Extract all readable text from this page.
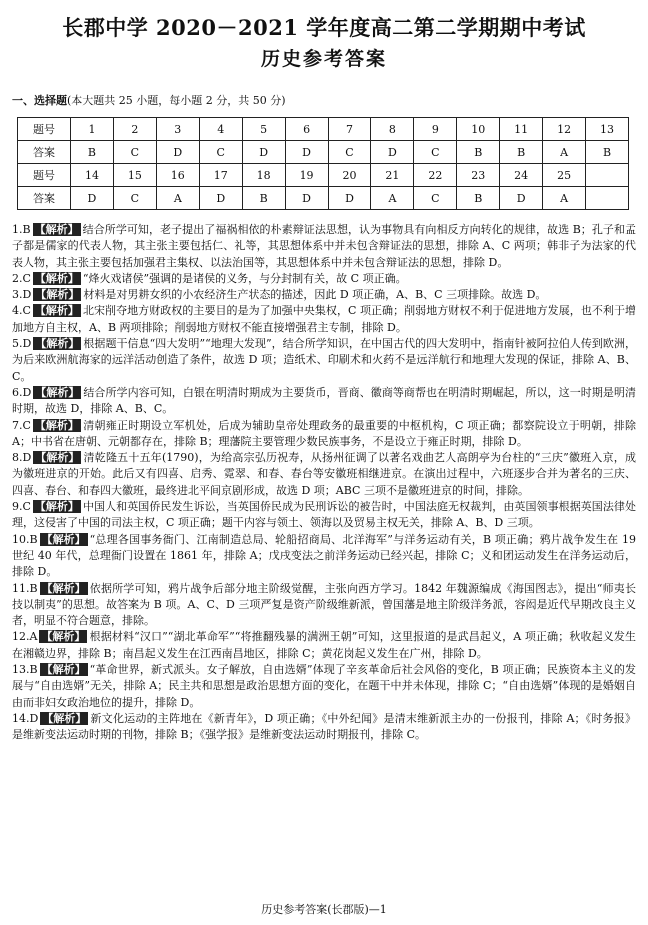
长郡中学 2020－2021 学年度高二第二学期期中考试
历史参考答案
一、选择题(本大题共 25 小题，每小题 2 分，共 50 分)
题号	1	2	3	4	5	6	7	8	9	10	11	12	13
答案	B	C	D	C	D	D	C	D	C	B	B	A	B
题号	14	15	16	17	18	19	20	21	22	23	24	25	
答案	D	C	A	D	B	D	D	A	C	B	D	A	

1.B 【解析】 结合所学可知，老子提出了福祸相依的朴素辩证法思想，认为事物具有向相反方向转化的规律，故选 B；孔子和孟子都是儒家的代表人物，其主张主要包括仁、礼等，其思想体系中并未包含辩证法的思想，排除 A、C 两项；韩非子为法家的代表人物，其主张主要包括加强君主集权、以法治国等，其思想体系中并未包含辩证法的思想，排除 D。

2.C 【解析】 “烽火戏诸侯”强调的是诸侯的义务，与分封制有关，故 C 项正确。

3.D 【解析】 材料是对男耕女织的小农经济生产状态的描述，因此 D 项正确，A、B、C 三项排除。故选 D。

4.C 【解析】 北宋削夺地方财政权的主要目的是为了加强中央集权，C 项正确；削弱地方财权不利于促进地方发展，也不利于增加地方自主权，A、B 两项排除；削弱地方财权不能直接增强君主专制，排除 D。

5.D 【解析】 根据题干信息“四大发明”“地理大发现”，结合所学知识，在中国古代的四大发明中，指南针被阿拉伯人传到欧洲，为后来欧洲航海家的远洋活动创造了条件，故选 D 项；造纸术、印刷术和火药不是远洋航行和地理大发现的保证，排除 A、B、C。

6.D 【解析】 结合所学内容可知，白银在明清时期成为主要货币，晋商、徽商等商帮也在明清时期崛起，所以，这一时期是明清时期，故选 D，排除 A、B、C。

7.C 【解析】 清朝雍正时期设立军机处，后成为辅助皇帝处理政务的最重要的中枢机构，C 项正确；都察院设立于明朝，排除 A；中书省在唐朝、元朝都存在，排除 B；理藩院主要管理少数民族事务，不是设立于雍正时期，排除 D。

8.D 【解析】 清乾隆五十五年(1790)，为给高宗弘历祝寿，从扬州征调了以著名戏曲艺人高朗亭为台柱的“三庆”徽班入京，成为徽班进京的开始。此后又有四喜、启秀、霓翠、和春、春台等安徽班相继进京。在演出过程中，六班逐步合并为著名的三庆、四喜、春台、和春四大徽班，最终进北平间京剧形成，故选 D 项；ABC 三项不是徽班进京的时间，排除。

9.C 【解析】 中国人和英国侨民发生诉讼，当英国侨民成为民刑诉讼的被告时，中国法庭无权裁判，由英国领事根据英国法律处理，这侵害了中国的司法主权，C 项正确；题干内容与领土、领海以及贸易主权无关，排除 A、B、D 三项。

10.B 【解析】 “总理各国事务衙门、江南制造总局、轮船招商局、北洋海军”与洋务运动有关，B 项正确；鸦片战争发生在 19 世纪 40 年代，总理衙门设置在 1861 年，排除 A；戊戌变法之前洋务运动已经兴起，排除 C；义和团运动发生在洋务运动后，排除 D。

11.B 【解析】 依据所学可知，鸦片战争后部分地主阶级觉醒，主张向西方学习。1842 年魏源编成《海国图志》，提出“师夷长技以制夷”的思想。故答案为 B 项。A、C、D 三项严复是资产阶级维新派，曾国藩是地主阶级洋务派，容闳是近代早期改良主义者，明显不符合题意，排除。

12.A 【解析】 根据材料“汉口”“湖北革命军”“将推翻残暴的满洲王朝”可知，这里报道的是武昌起义，A 项正确；秋收起义发生在湘赣边界，排除 B；南昌起义发生在江西南昌地区，排除 C；黄花岗起义发生在广州，排除 D。

13.B 【解析】 “革命世界，新式派头。女子解放，自由选婿”体现了辛亥革命后社会风俗的变化，B 项正确；民族资本主义的发展与“自由选婿”无关，排除 A；民主共和思想是政治思想方面的变化，在题干中并未体现，排除 C；“自由选婿”体现的是婚姻自由而非妇女政治地位的提升，排除 D。

14.D 【解析】 新文化运动的主阵地在《新青年》，D 项正确；《中外纪闻》是清末维新派主办的一份报刊，排除 A；《时务报》是维新变法运动时期的刊物，排除 B；《强学报》是维新变法运动时期报刊，排除 C。

历史参考答案(长郡版)—1
